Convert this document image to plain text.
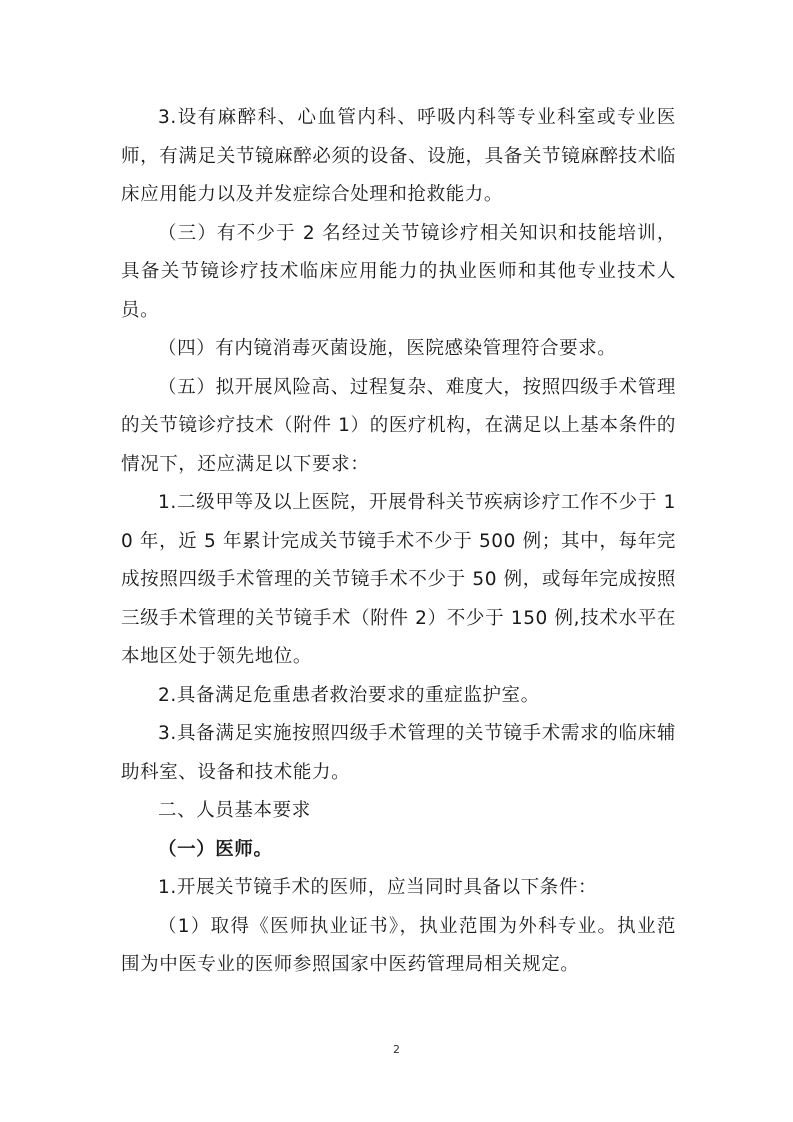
3.设有麻醉科、心血管内科、呼吸内科等专业科室或专业医师，有满足关节镜麻醉必须的设备、设施，具备关节镜麻醉技术临床应用能力以及并发症综合处理和抢救能力。

（三）有不少于 2 名经过关节镜诊疗相关知识和技能培训，具备关节镜诊疗技术临床应用能力的执业医师和其他专业技术人员。

（四）有内镜消毒灭菌设施，医院感染管理符合要求。

（五）拟开展风险高、过程复杂、难度大，按照四级手术管理的关节镜诊疗技术（附件 1）的医疗机构，在满足以上基本条件的情况下，还应满足以下要求：

1.二级甲等及以上医院，开展骨科关节疾病诊疗工作不少于 10 年，近 5 年累计完成关节镜手术不少于 500 例；其中，每年完成按照四级手术管理的关节镜手术不少于 50 例，或每年完成按照三级手术管理的关节镜手术（附件 2）不少于 150 例,技术水平在本地区处于领先地位。

2.具备满足危重患者救治要求的重症监护室。

3.具备满足实施按照四级手术管理的关节镜手术需求的临床辅助科室、设备和技术能力。

二、人员基本要求

（一）医师。

1.开展关节镜手术的医师，应当同时具备以下条件：

（1）取得《医师执业证书》，执业范围为外科专业。执业范围为中医专业的医师参照国家中医药管理局相关规定。

2
